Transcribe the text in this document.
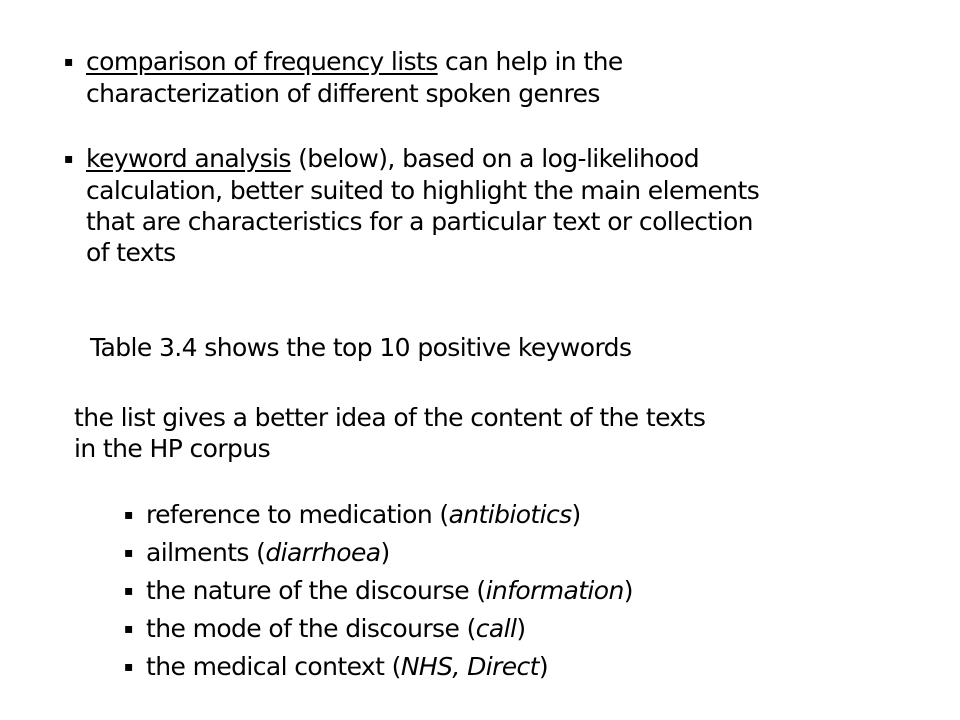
▪ comparison of frequency lists can help in the
characterization of different spoken genres
▪ keyword analysis (below), based on a log-likelihood
calculation, better suited to highlight the main elements
that are characteristics for a particular text or collection
of texts
Table 3.4 shows the top 10 positive keywords
the list gives a better idea of the content of the texts
in the HP corpus
▪ reference to medication (antibiotics)
▪ ailments (diarrhoea)
▪ the nature of the discourse (information)
▪ the mode of the discourse (call)
▪ the medical context (NHS, Direct)
